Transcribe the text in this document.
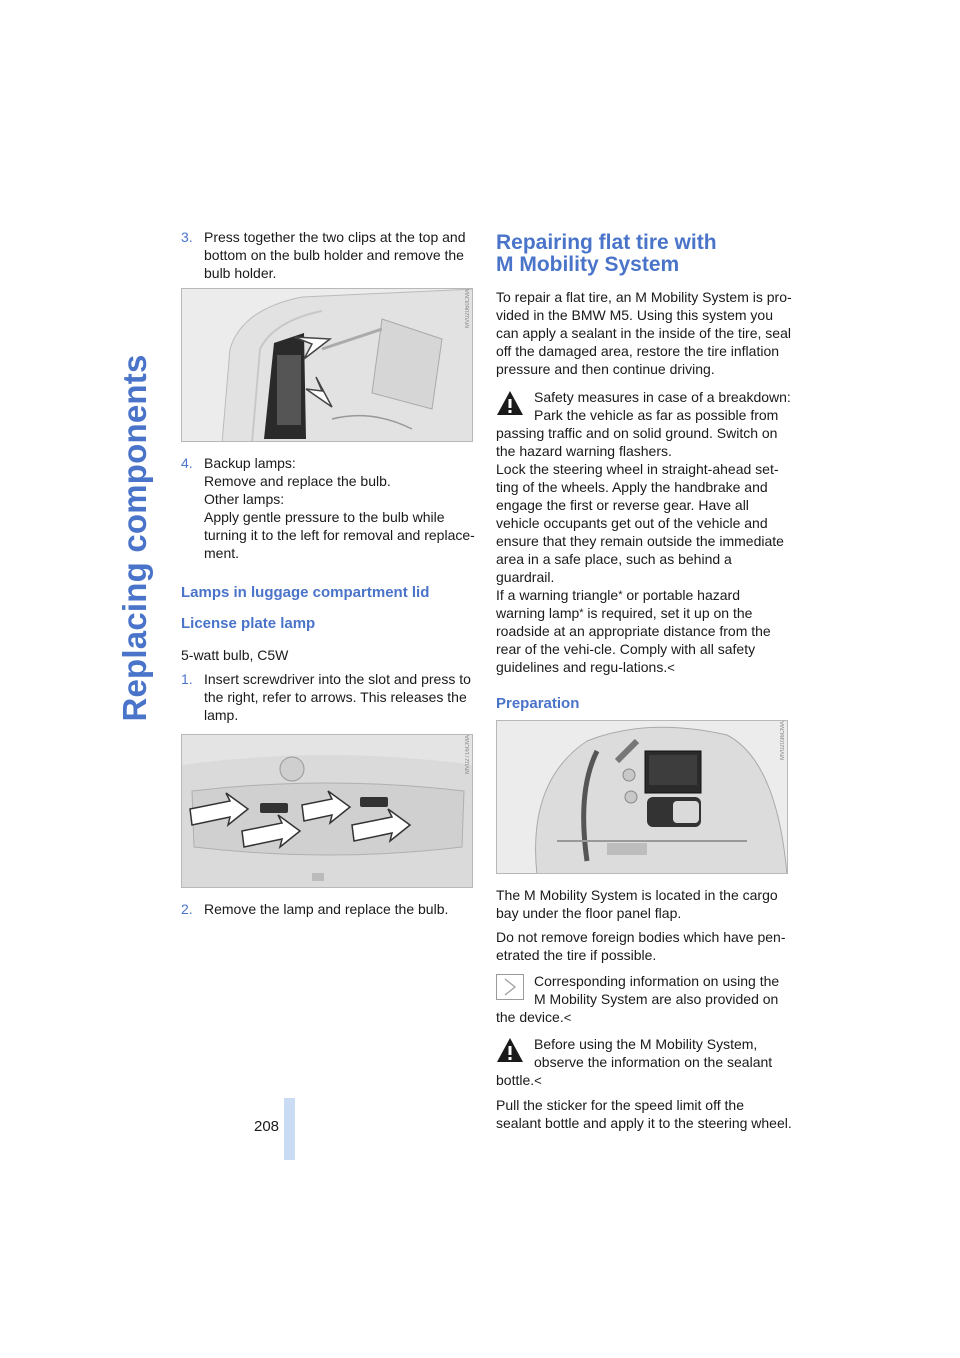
Replacing components
208
3. Press together the two clips at the top and bottom on the bulb holder and remove the bulb holder.
MV02060CMA
4. Backup lamps:
Remove and replace the bulb.
Other lamps:
Apply gentle pressure to the bulb while turning it to the left for removal and replace-ment.
Lamps in luggage compartment lid
License plate lamp

5-watt bulb, C5W

1. Insert screwdriver into the slot and press to the right, refer to arrows. This releases the lamp.
MV02716CMA
2. Remove the lamp and replace the bulb.
Repairing flat tire with
M Mobility System

To repair a flat tire, an M Mobility System is pro-vided in the BMW M5. Using this system you can apply a sealant in the inside of the tire, seal off the damaged area, restore the tire inflation pressure and then continue driving.

Safety measures in case of a breakdown:
Park the vehicle as far as possible from
passing traffic and on solid ground. Switch on the hazard warning flashers.
Lock the steering wheel in straight-ahead set-ting of the wheels. Apply the handbrake and engage the first or reverse gear. Have all vehicle occupants get out of the vehicle and ensure that they remain outside the immediate area in a safe place, such as behind a guardrail.
If a warning triangle* or portable hazard warning lamp* is required, set it up on the roadside at an appropriate distance from the rear of the vehi-cle. Comply with all safety guidelines and regu-lations.<
Preparation
MV02036CMA

The M Mobility System is located in the cargo bay under the floor panel flap.

Do not remove foreign bodies which have pen-etrated the tire if possible.

Corresponding information on using the
M Mobility System are also provided on
the device.<
Before using the M Mobility System,
observe the information on the sealant
bottle.<

Pull the sticker for the speed limit off the sealant bottle and apply it to the steering wheel.
